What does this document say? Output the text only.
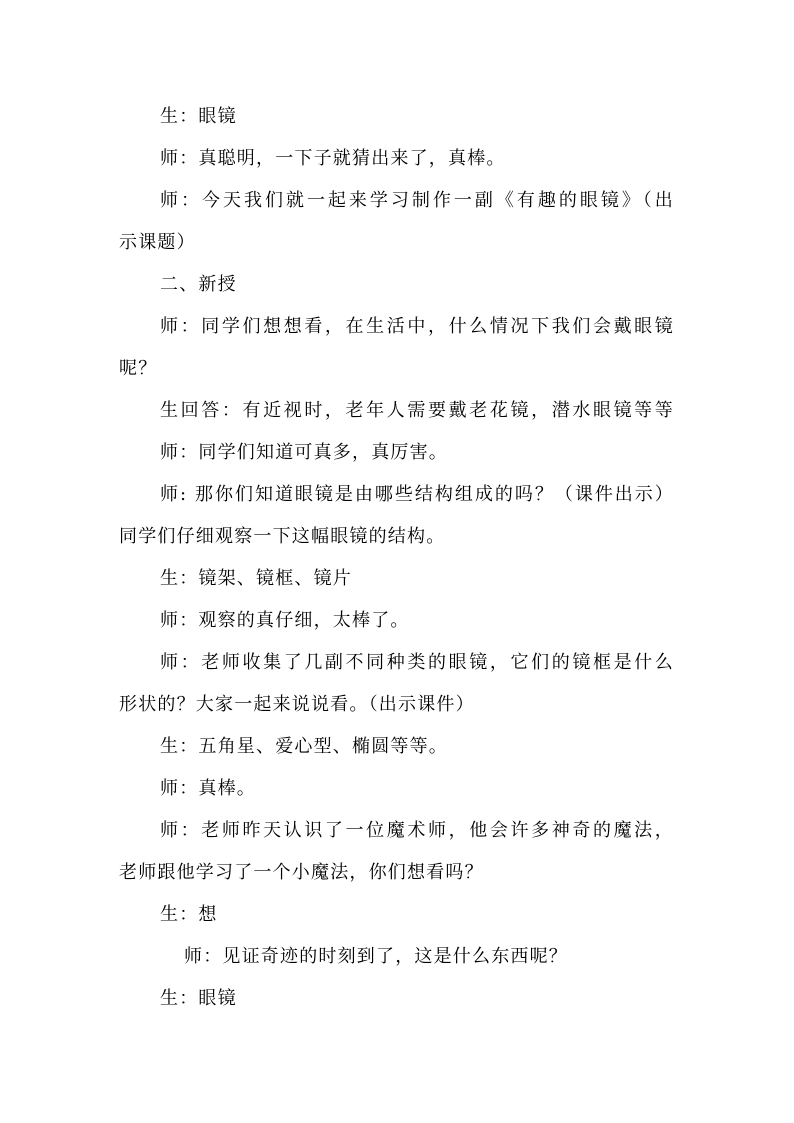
生：眼镜
师：真聪明，一下子就猜出来了，真棒。
师：今天我们就一起来学习制作一副《有趣的眼镜》（出
示课题）
二、新授
师：同学们想想看，在生活中，什么情况下我们会戴眼镜
呢？
生回答：有近视时，老年人需要戴老花镜，潜水眼镜等等
师：同学们知道可真多，真厉害。
师: 那你们知道眼镜是由哪些结构组成的吗？（课件出示）
同学们仔细观察一下这幅眼镜的结构。
生：镜架、镜框、镜片
师：观察的真仔细，太棒了。
师：老师收集了几副不同种类的眼镜，它们的镜框是什么
形状的？大家一起来说说看。（出示课件）
生：五角星、爱心型、椭圆等等。
师：真棒。
师：老师昨天认识了一位魔术师，他会许多神奇的魔法，
老师跟他学习了一个小魔法，你们想看吗？
生：想
师：见证奇迹的时刻到了，这是什么东西呢？
生：眼镜
